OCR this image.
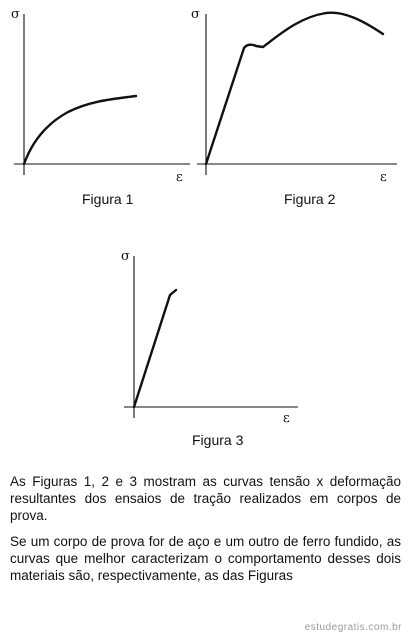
σ
ε
σ
ε
σ
ε
Figura 1	Figura 2
Figura 3

As Figuras 1, 2 e 3 mostram as curvas tensão x deformação resultantes dos ensaios de tração realizados em corpos de prova.

Se um corpo de prova for de aço e um outro de ferro fundido, as curvas que melhor caracterizam o comportamento desses dois materiais são, respectivamente, as das Figuras

estudegratis.com.br
